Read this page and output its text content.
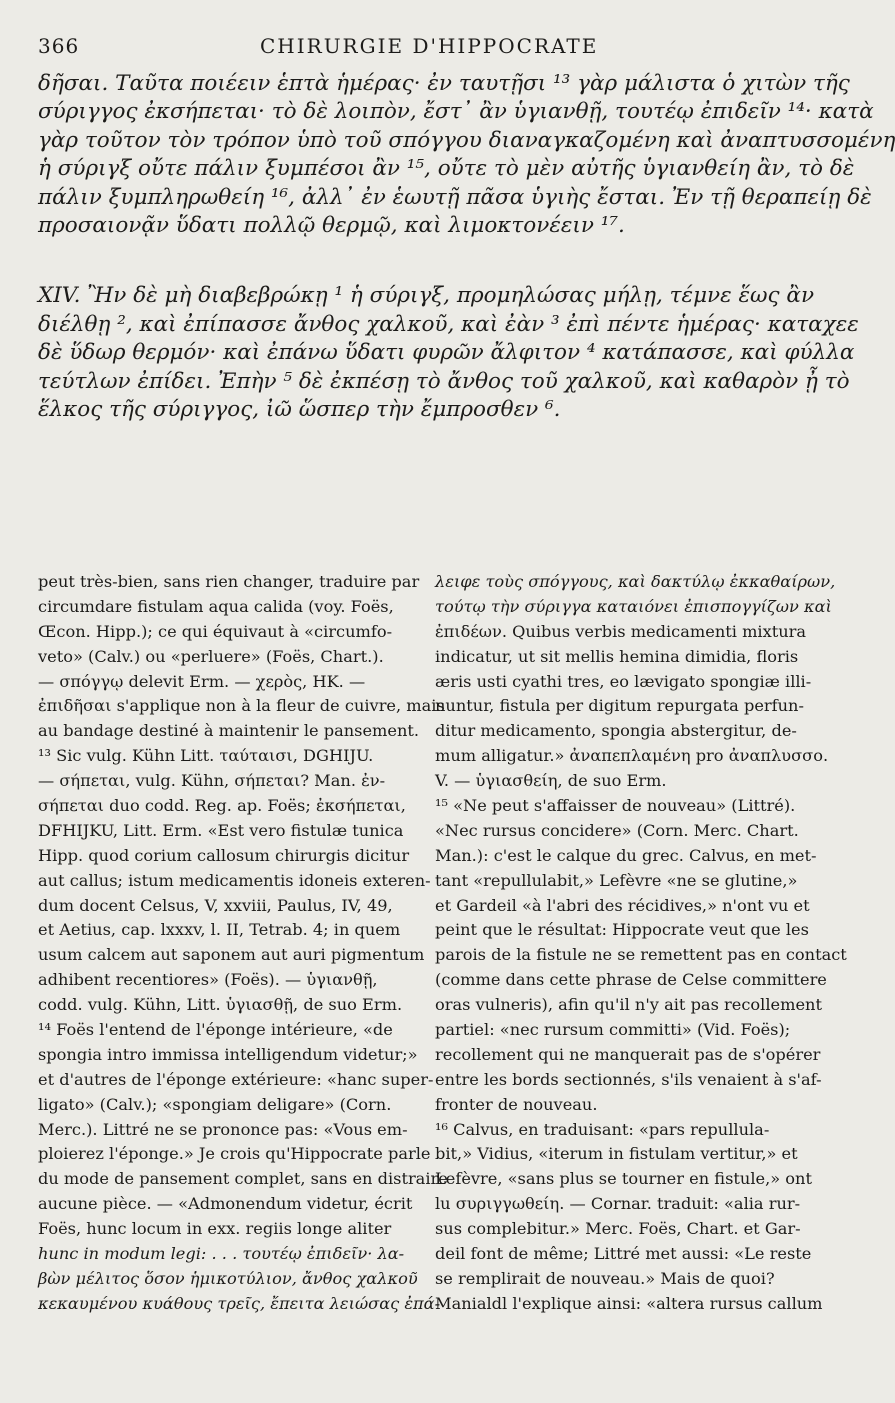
366	CHIRURGIE D'HIPPOCRATE
δῆσαι. Ταῦτα ποιέειν ἑπτὰ ἡμέρας· ἐν ταυτῇσι ¹³ γὰρ μάλιστα ὁ χιτὼν τῆς
σύριγγος ἐκσήπεται· τὸ δὲ λοιπὸν, ἔστ᾽ ἂν ὑγιανθῇ, τουτέῳ ἐπιδεῖν ¹⁴· κατὰ
γὰρ τοῦτον τὸν τρόπον ὑπὸ τοῦ σπόγγου διαναγκαζομένη καὶ ἀναπτυσσομένη
ἡ σύριγξ οὔτε πάλιν ξυμπέσοι ἂν ¹⁵, οὔτε τὸ μὲν αὐτῆς ὑγιανθείη ἂν, τὸ δὲ
πάλιν ξυμπληρωθείη ¹⁶, ἀλλ᾽ ἐν ἑωυτῇ πᾶσα ὑγιὴς ἔσται. Ἐν τῇ θεραπείῃ δὲ
προσαιονᾷν ὕδατι πολλῷ θερμῷ, καὶ λιμοκτονέειν ¹⁷.
XIV. Ἢν δὲ μὴ διαβεβρώκῃ ¹ ἡ σύριγξ, προμηλώσας μήλῃ, τέμνε ἕως ἂν
διέλθῃ ², καὶ ἐπίπασσε ἄνθος χαλκοῦ, καὶ ἐὰν ³ ἐπὶ πέντε ἡμέρας· καταχεε
δὲ ὕδωρ θερμόν· καὶ ἐπάνω ὕδατι φυρῶν ἄλφιτον ⁴ κατάπασσε, καὶ φύλλα
τεύτλων ἐπίδει. Ἐπὴν ⁵ δὲ ἐκπέσῃ τὸ ἄνθος τοῦ χαλκοῦ, καὶ καθαρὸν ᾖ τὸ
ἕλκος τῆς σύριγγος, ἰῶ ὥσπερ τὴν ἔμπροσθεν ⁶.
peut très-bien, sans rien changer, traduire par
circumdare fistulam aqua calida (voy. Foës,
Œcon. Hipp.); ce qui équivaut à «circumfo-
veto» (Calv.) ou «perluere» (Foës, Chart.).
— σπόγγῳ delevit Erm. — χερὸς, HK. —
ἐπιδῆσαι s'applique non à la fleur de cuivre, mais
au bandage destiné à maintenir le pansement.
¹³ Sic vulg. Kühn Litt. ταύταισι, DGHIJU.
— σήπεται, vulg. Kühn, σήπεται? Man. ἐν-
σήπεται duo codd. Reg. ap. Foës; ἐκσήπεται,
DFHIJKU, Litt. Erm. «Est vero fistulæ tunica
Hipp. quod corium callosum chirurgis dicitur
aut callus; istum medicamentis idoneis exteren-
dum docent Celsus, V, xxviii, Paulus, IV, 49,
et Aetius, cap. lxxxv, l. II, Tetrab. 4; in quem
usum calcem aut saponem aut auri pigmentum
adhibent recentiores» (Foës). — ὑγιανθῇ,
codd. vulg. Kühn, Litt. ὑγιασθῇ, de suo Erm.
¹⁴ Foës l'entend de l'éponge intérieure, «de
spongia intro immissa intelligendum videtur;»
et d'autres de l'éponge extérieure: «hanc super-
ligato» (Calv.); «spongiam deligare» (Corn.
Merc.). Littré ne se prononce pas: «Vous em-
ploierez l'éponge.» Je crois qu'Hippocrate parle
du mode de pansement complet, sans en distraire
aucune pièce. — «Admonendum videtur, écrit
Foës, hunc locum in exx. regiis longe aliter
hunc in modum legi: . . . τουτέῳ ἐπιδεῖν· λα-
βὼν μέλιτος ὅσον ἡμικοτύλιον, ἄνθος χαλκοῦ
κεκαυμένου κυάθους τρεῖς, ἔπειτα λειώσας ἐπά-
λειφε τοὺς σπόγγους, καὶ δακτύλῳ ἐκκαθαίρων,
τούτῳ τὴν σύριγγα καταιόνει ἐπισπογγίζων καὶ
ἐπιδέων. Quibus verbis medicamenti mixtura
indicatur, ut sit mellis hemina dimidia, floris
æris usti cyathi tres, eo lævigato spongiæ illi-
nuntur, fistula per digitum repurgata perfun-
ditur medicamento, spongia abstergitur, de-
mum alligatur.» ἀναπεπλαμένη pro ἀναπλυσσο.
V. — ὑγιασθείη, de suo Erm.
¹⁵ «Ne peut s'affaisser de nouveau» (Littré).
«Nec rursus concidere» (Corn. Merc. Chart.
Man.): c'est le calque du grec. Calvus, en met-
tant «repullulabit,» Lefèvre «ne se glutine,»
et Gardeil «à l'abri des récidives,» n'ont vu et
peint que le résultat: Hippocrate veut que les
parois de la fistule ne se remettent pas en contact
(comme dans cette phrase de Celse committere
oras vulneris), afin qu'il n'y ait pas recollement
partiel: «nec rursum committi» (Vid. Foës);
recollement qui ne manquerait pas de s'opérer
entre les bords sectionnés, s'ils venaient à s'af-
fronter de nouveau.
¹⁶ Calvus, en traduisant: «pars repullula-
bit,» Vidius, «iterum in fistulam vertitur,» et
Lefèvre, «sans plus se tourner en fistule,» ont
lu συριγγωθείη. — Cornar. traduit: «alia rur-
sus complebitur.» Merc. Foës, Chart. et Gar-
deil font de même; Littré met aussi: «Le reste
se remplirait de nouveau.» Mais de quoi?
Manialdl l'explique ainsi: «altera rursus callum
